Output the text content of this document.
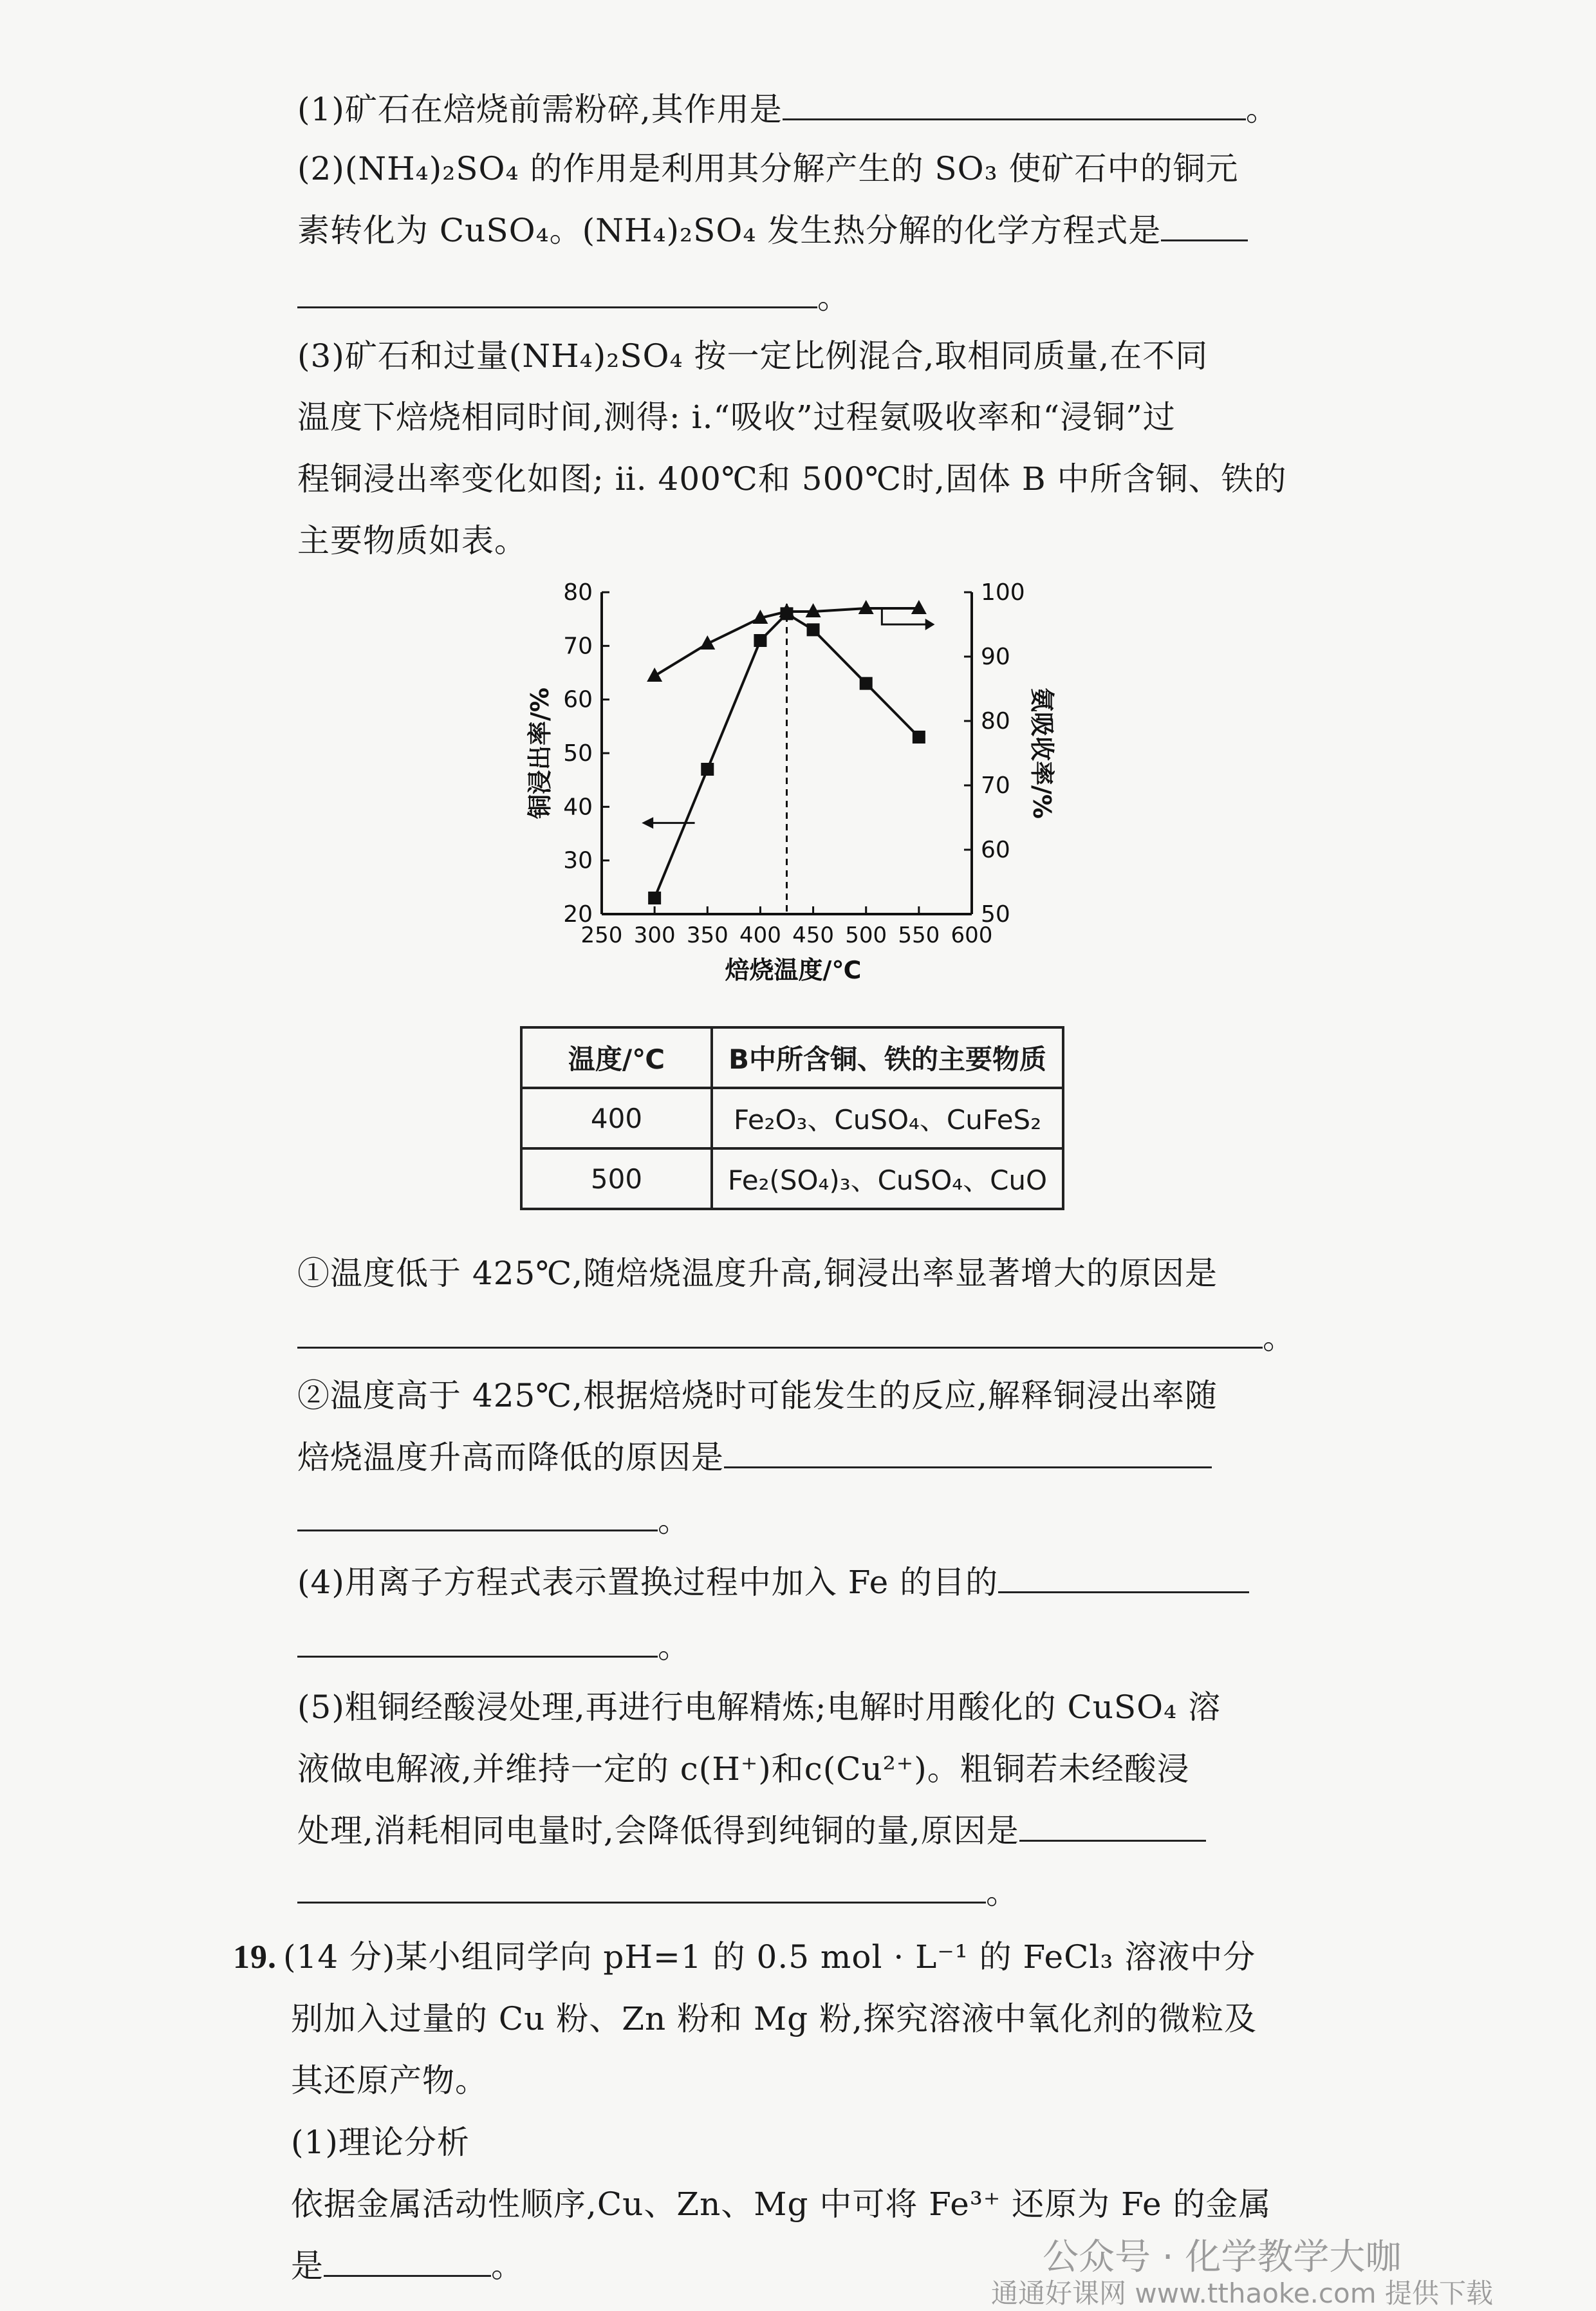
(1)矿石在焙烧前需粉碎,其作用是	。
(2)(NH₄)₂SO₄ 的作用是利用其分解产生的 SO₃ 使矿石中的铜元
素转化为 CuSO₄。(NH₄)₂SO₄ 发生热分解的化学方程式是
。
(3)矿石和过量(NH₄)₂SO₄ 按一定比例混合,取相同质量,在不同
温度下焙烧相同时间,测得: ⅰ.“吸收”过程氨吸收率和“浸铜”过
程铜浸出率变化如图; ⅱ. 400℃和 500℃时,固体 B 中所含铜、铁的
主要物质如表。
250 300 350 400 450 500 550 600
20
30
40
50
60
70
80
50
60
70
80
90
100
焙烧温度/℃
铜浸出率/%	氨吸收率/%
温度/℃	B中所含铜、铁的主要物质
400	Fe₂O₃、CuSO₄、CuFeS₂
500	Fe₂(SO₄)₃、CuSO₄、CuO
①温度低于 425℃,随焙烧温度升高,铜浸出率显著增大的原因是
。
②温度高于 425℃,根据焙烧时可能发生的反应,解释铜浸出率随
焙烧温度升高而降低的原因是
。
(4)用离子方程式表示置换过程中加入 Fe 的目的
。
(5)粗铜经酸浸处理,再进行电解精炼;电解时用酸化的 CuSO₄ 溶
液做电解液,并维持一定的 c(H⁺)和c(Cu²⁺)。粗铜若未经酸浸
处理,消耗相同电量时,会降低得到纯铜的量,原因是
。
19. (14 分)某小组同学向 pH=1 的 0.5 mol · L⁻¹ 的 FeCl₃ 溶液中分
别加入过量的 Cu 粉、Zn 粉和 Mg 粉,探究溶液中氧化剂的微粒及
其还原产物。
(1)理论分析
依据金属活动性顺序,Cu、Zn、Mg 中可将 Fe³⁺ 还原为 Fe 的金属
是	。	公众号 · 化学教学大咖
通通好课网 www.tthaoke.com 提供下载
